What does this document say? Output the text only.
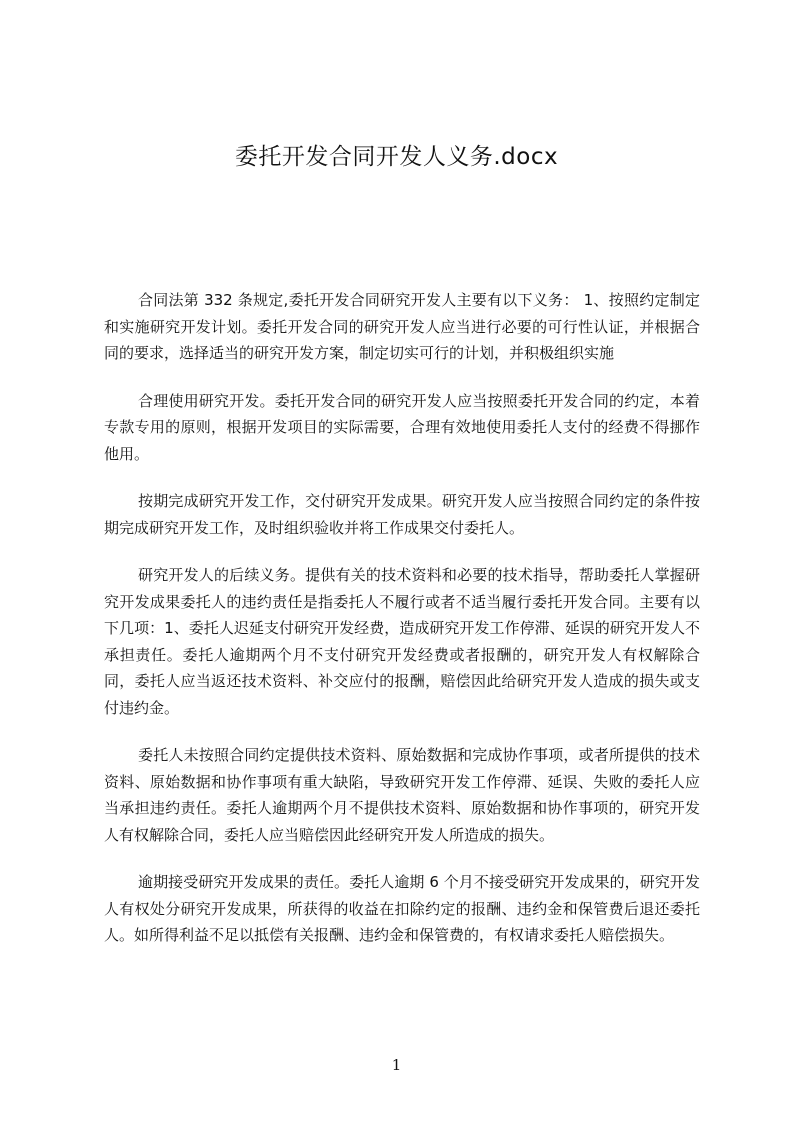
委托开发合同开发人义务.docx

合同法第 332 条规定,委托开发合同研究开发人主要有以下义务： 1、按照约定制定和实施研究开发计划。委托开发合同的研究开发人应当进行必要的可行性认证，并根据合同的要求，选择适当的研究开发方案，制定切实可行的计划，并积极组织实施

合理使用研究开发。委托开发合同的研究开发人应当按照委托开发合同的约定，本着专款专用的原则，根据开发项目的实际需要，合理有效地使用委托人支付的经费不得挪作他用。

按期完成研究开发工作，交付研究开发成果。研究开发人应当按照合同约定的条件按期完成研究开发工作，及时组织验收并将工作成果交付委托人。

研究开发人的后续义务。提供有关的技术资料和必要的技术指导，帮助委托人掌握研究开发成果委托人的违约责任是指委托人不履行或者不适当履行委托开发合同。主要有以下几项：1、委托人迟延支付研究开发经费，造成研究开发工作停滞、延误的研究开发人不承担责任。委托人逾期两个月不支付研究开发经费或者报酬的，研究开发人有权解除合同，委托人应当返还技术资料、补交应付的报酬，赔偿因此给研究开发人造成的损失或支付违约金。

委托人未按照合同约定提供技术资料、原始数据和完成协作事项，或者所提供的技术资料、原始数据和协作事项有重大缺陷，导致研究开发工作停滞、延误、失败的委托人应当承担违约责任。委托人逾期两个月不提供技术资料、原始数据和协作事项的，研究开发人有权解除合同，委托人应当赔偿因此经研究开发人所造成的损失。

逾期接受研究开发成果的责任。委托人逾期 6 个月不接受研究开发成果的，研究开发人有权处分研究开发成果，所获得的收益在扣除约定的报酬、违约金和保管费后退还委托人。如所得利益不足以抵偿有关报酬、违约金和保管费的，有权请求委托人赔偿损失。

1
